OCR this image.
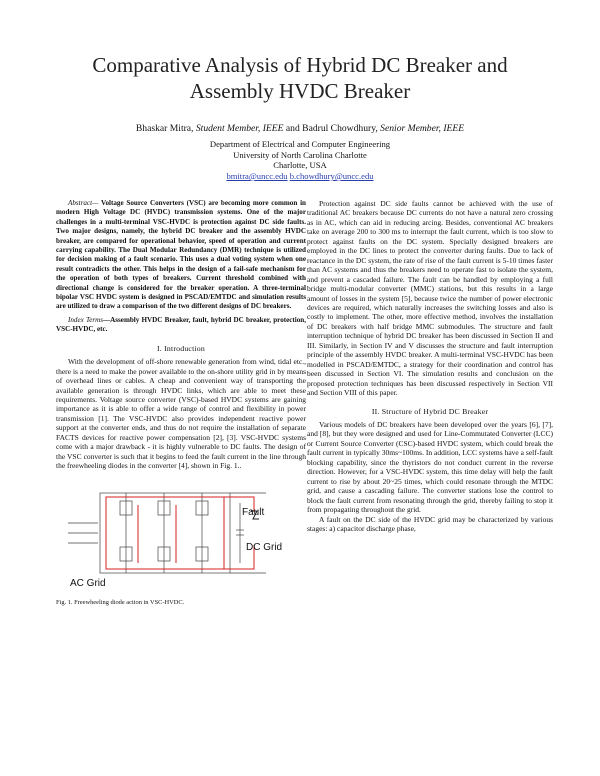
Comparative Analysis of Hybrid DC Breaker and
Assembly HVDC Breaker
Bhaskar Mitra, Student Member, IEEE and Badrul Chowdhury, Senior Member, IEEE
Department of Electrical and Computer Engineering
University of North Carolina Charlotte
Charlotte, USA
bmitra@uncc.edu b.chowdhury@uncc.edu

Abstract— Voltage Source Converters (VSC) are becoming more common in modern High Voltage DC (HVDC) transmission systems. One of the major challenges in a multi-terminal VSC-HVDC is protection against DC side faults. Two major designs, namely, the hybrid DC breaker and the assembly HVDC breaker, are compared for operational behavior, speed of operation and current carrying capability. The Dual Modular Redundancy (DMR) technique is utilized for decision making of a fault scenario. This uses a dual voting system when one result contradicts the other. This helps in the design of a fail-safe mechanism for the operation of both types of breakers. Current threshold combined with directional change is considered for the breaker operation. A three-terminal bipolar VSC HVDC system is designed in PSCAD/EMTDC and simulation results are utilized to draw a comparison of the two different designs of DC breakers.

Index Terms—Assembly HVDC Breaker, fault, hybrid DC breaker, protection, VSC-HVDC, etc.

I. Introduction

With the development of off-shore renewable generation from wind, tidal etc., there is a need to make the power available to the on-shore utility grid in by means of overhead lines or cables. A cheap and convenient way of transporting the available generation is through HVDC links, which are able to meet these requirements. Voltage source converter (VSC)-based HVDC systems are gaining importance as it is able to offer a wide range of control and flexibility in power transmission [1]. The VSC-HVDC also provides independent reactive power support at the converter ends, and thus do not require the installation of separate FACTS devices for reactive power compensation [2], [3]. VSC-HVDC systems come with a major drawback - it is highly vulnerable to DC faults. The design of the VSC converter is such that it begins to feed the fault current in the line through the freewheeling diodes in the converter [4], shown in Fig. 1..

Fault
DC Grid
AC Grid

Fig. 1. Freewheeling diode action in VSC-HVDC.

Protection against DC side faults cannot be achieved with the use of traditional AC breakers because DC currents do not have a natural zero crossing as in AC, which can aid in reducing arcing. Besides, conventional AC breakers take on average 200 to 300 ms to interrupt the fault current, which is too slow to protect against faults on the DC system. Specially designed breakers are employed in the DC lines to protect the converter during faults. Due to lack of reactance in the DC system, the rate of rise of the fault current is 5-10 times faster than AC systems and thus the breakers need to operate fast to isolate the system, and prevent a cascaded failure. The fault can be handled by employing a full bridge multi-modular converter (MMC) stations, but this results in a large amount of losses in the system [5], because twice the number of power electronic devices are required, which naturally increases the switching losses and also is costly to implement. The other, more effective method, involves the installation of DC breakers with half bridge MMC submodules. The structure and fault interruption technique of hybrid DC breaker has been discussed in Section II and III. Similarly, in Section IV and V discusses the structure and fault interruption principle of the assembly HVDC breaker. A multi-terminal VSC-HVDC has been modelled in PSCAD/EMTDC, a strategy for their coordination and control has been discussed in Section VI. The simulation results and conclusion on the proposed protection techniques has been discussed respectively in Section VII and Section VIII of this paper.

II. Structure of Hybrid DC Breaker

Various models of DC breakers have been developed over the years [6], [7], and [8], but they were designed and used for Line-Commutated Converter (LCC) or Current Source Converter (CSC)-based HVDC system, which could break the fault current in typically 30ms~100ms. In addition, LCC systems have a self-fault blocking capability, since the thyristors do not conduct current in the reverse direction. However, for a VSC-HVDC system, this time delay will help the fault current to rise by about 20~25 times, which could resonate through the MTDC grid, and cause a cascading failure. The converter stations lose the control to block the fault current from resonating through the grid, thereby failing to stop it from propagating throughout the grid.

A fault on the DC side of the HVDC grid may be characterized by various stages: a) capacitor discharge phase,
